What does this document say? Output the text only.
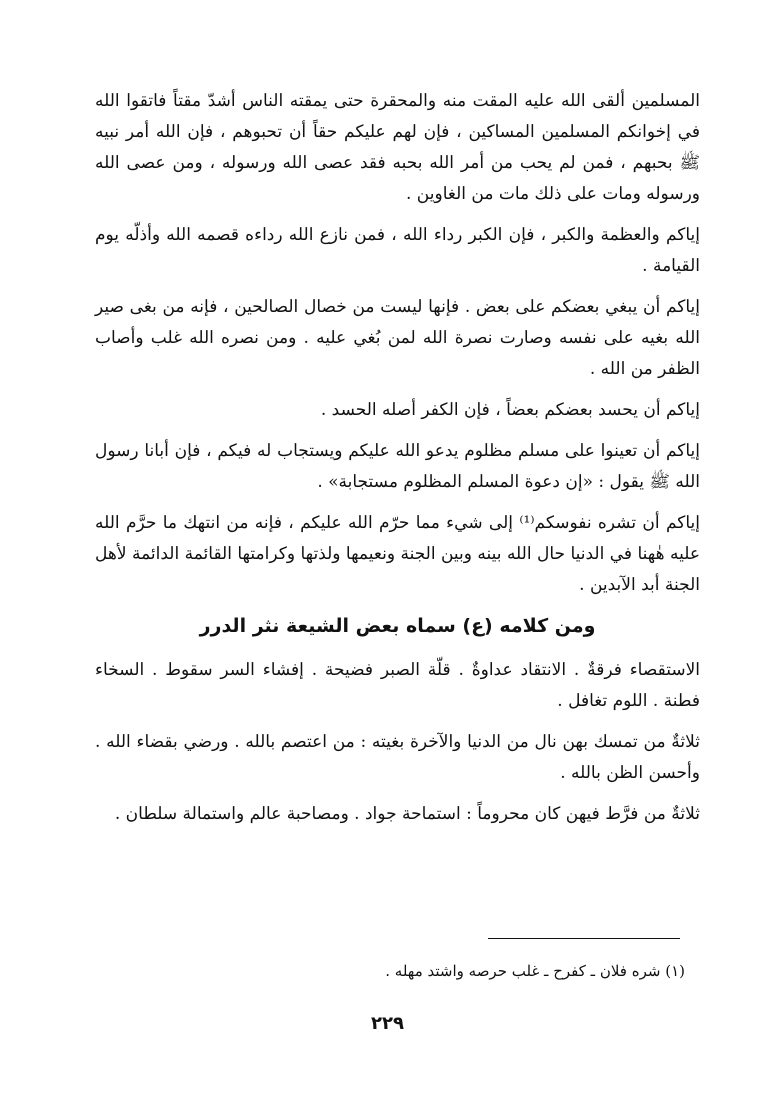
المسلمين ألقى الله عليه المقت منه والمحقرة حتى يمقته الناس أشدّ مقتاً فاتقوا الله في إخوانكم المسلمين المساكين ، فإن لهم عليكم حقاً أن تحبوهم ، فإن الله أمر نبيه ﷺ بحبهم ، فمن لم يحب من أمر الله بحبه فقد عصى الله ورسوله ، ومن عصى الله ورسوله ومات على ذلك مات من الغاوين .

إياكم والعظمة والكبر ، فإن الكبر رداء الله ، فمن نازع الله رداءه قصمه الله وأذلّه يوم القيامة .

إياكم أن يبغي بعضكم على بعض . فإنها ليست من خصال الصالحين ، فإنه من بغى صير الله بغيه على نفسه وصارت نصرة الله لمن بُغي عليه . ومن نصره الله غلب وأصاب الظفر من الله .

إياكم أن يحسد بعضكم بعضاً ، فإن الكفر أصله الحسد .

إياكم أن تعينوا على مسلم مظلوم يدعو الله عليكم ويستجاب له فيكم ، فإن أبانا رسول الله ﷺ يقول : «إن دعوة المسلم المظلوم مستجابة» .

إياكم أن تشره نفوسكم⁽¹⁾ إلى شيء مما حرّم الله عليكم ، فإنه من انتهك ما حرَّم الله عليه هٰهنا في الدنيا حال الله بينه وبين الجنة ونعيمها ولذتها وكرامتها القائمة الدائمة لأهل الجنة أبد الآبدين .

ومن كلامه (ع) سماه بعض الشيعة نثر الدرر

الاستقصاء فرقةٌ . الانتقاد عداوةٌ . قلّة الصبر فضيحة . إفشاء السر سقوط . السخاء فطنة . اللوم تغافل .

ثلاثةٌ من تمسك بهن نال من الدنيا والآخرة بغيته : من اعتصم بالله . ورضي بقضاء الله . وأحسن الظن بالله .

ثلاثةٌ من فرَّط فيهن كان محروماً : استماحة جواد . ومصاحبة عالم واستمالة سلطان .

(١) شره فلان ـ كفرح ـ غلب حرصه واشتد مهله .
٢٢٩
